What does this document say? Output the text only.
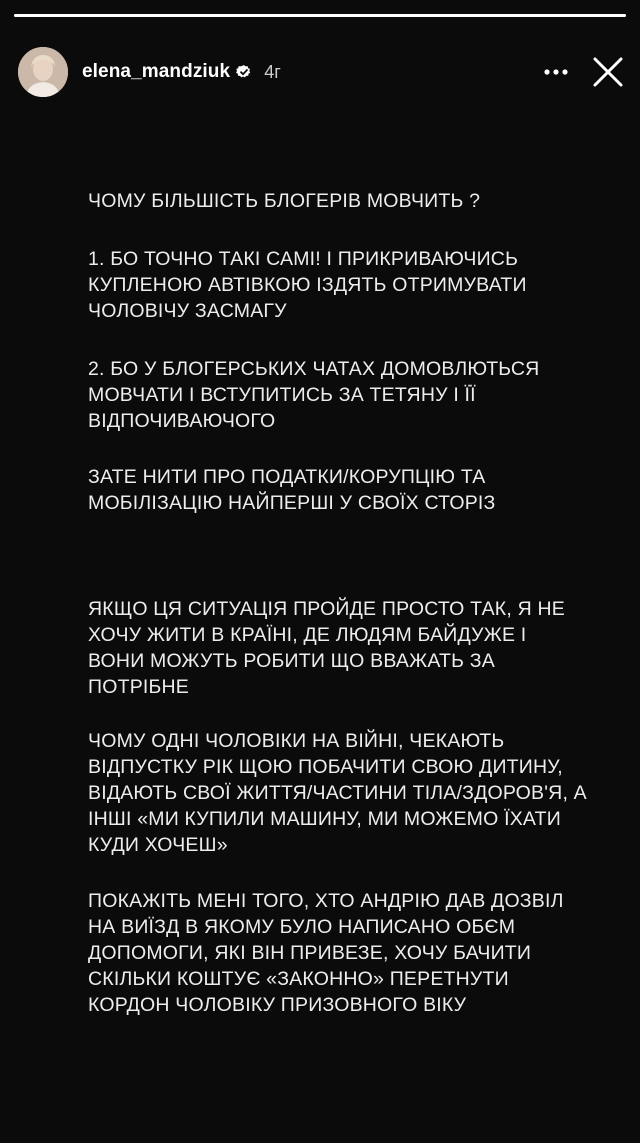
elena_mandziuk 4г

ЧОМУ БІЛЬШІСТЬ БЛОГЕРІВ МОВЧИТЬ ?

1. БО ТОЧНО ТАКІ САМІ! І ПРИКРИВАЮЧИСЬ
КУПЛЕНОЮ АВТІВКОЮ ІЗДЯТЬ ОТРИМУВАТИ
ЧОЛОВІЧУ ЗАСМАГУ

2. БО У БЛОГЕРСЬКИХ ЧАТАХ ДОМОВЛЮТЬСЯ
МОВЧАТИ І ВСТУПИТИСЬ ЗА ТЕТЯНУ І ЇЇ
ВІДПОЧИВАЮЧОГО

ЗАТЕ НИТИ ПРО ПОДАТКИ/КОРУПЦІЮ ТА
МОБІЛІЗАЦІЮ НАЙПЕРШІ У СВОЇХ СТОРІЗ

ЯКЩО ЦЯ СИТУАЦІЯ ПРОЙДЕ ПРОСТО ТАК, Я НЕ
ХОЧУ ЖИТИ В КРАЇНІ, ДЕ ЛЮДЯМ БАЙДУЖЕ І
ВОНИ МОЖУТЬ РОБИТИ ЩО ВВАЖАТЬ ЗА
ПОТРІБНЕ

ЧОМУ ОДНІ ЧОЛОВІКИ НА ВІЙНІ, ЧЕКАЮТЬ
ВІДПУСТКУ РІК ЩОЮ ПОБАЧИТИ СВОЮ ДИТИНУ,
ВІДАЮТЬ СВОЇ ЖИТТЯ/ЧАСТИНИ ТІЛА/ЗДОРОВ'Я, А
ІНШІ «МИ КУПИЛИ МАШИНУ, МИ МОЖЕМО ЇХАТИ
КУДИ ХОЧЕШ»

ПОКАЖІТЬ МЕНІ ТОГО, ХТО АНДРІЮ ДАВ ДОЗВІЛ
НА ВИЇЗД В ЯКОМУ БУЛО НАПИСАНО ОБЄМ
ДОПОМОГИ, ЯКІ ВІН ПРИВЕЗЕ, ХОЧУ БАЧИТИ
СКІЛЬКИ КОШТУЄ «ЗАКОННО» ПЕРЕТНУТИ
КОРДОН ЧОЛОВІКУ ПРИЗОВНОГО ВІКУ
